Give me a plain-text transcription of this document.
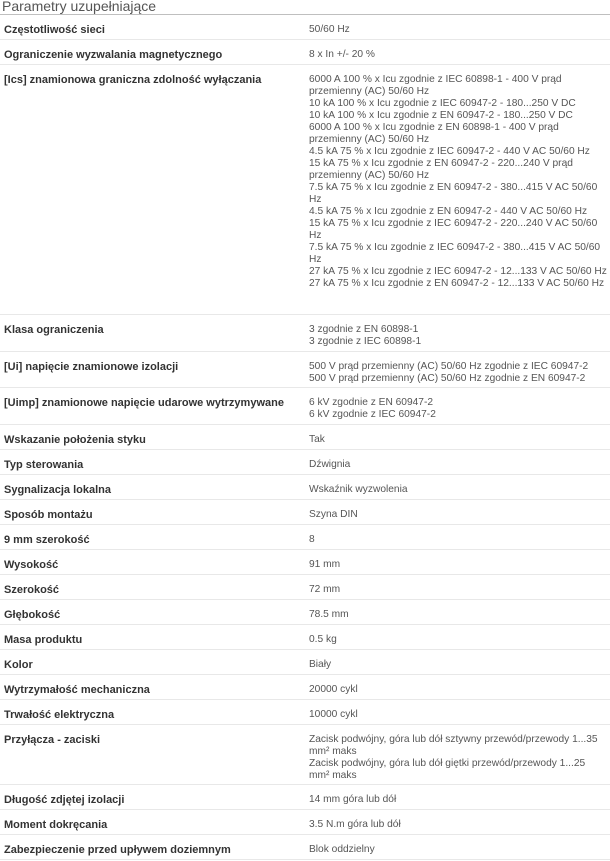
Parametry uzupełniające
Częstotliwość sieci	50/60 Hz
Ograniczenie wyzwalania magnetycznego	8 x In +/- 20 %
[Ics] znamionowa graniczna zdolność wyłączania	6000 A 100 % x Icu zgodnie z IEC 60898-1 - 400 V prąd przemienny (AC) 50/60 Hz
10 kA 100 % x Icu zgodnie z IEC 60947-2 - 180...250 V DC
10 kA 100 % x Icu zgodnie z EN 60947-2 - 180...250 V DC
6000 A 100 % x Icu zgodnie z EN 60898-1 - 400 V prąd przemienny (AC) 50/60 Hz
4.5 kA 75 % x Icu zgodnie z IEC 60947-2 - 440 V AC 50/60 Hz
15 kA 75 % x Icu zgodnie z EN 60947-2 - 220...240 V prąd przemienny (AC) 50/60 Hz
7.5 kA 75 % x Icu zgodnie z EN 60947-2 - 380...415 V AC 50/60 Hz
4.5 kA 75 % x Icu zgodnie z EN 60947-2 - 440 V AC 50/60 Hz
15 kA 75 % x Icu zgodnie z IEC 60947-2 - 220...240 V AC 50/60 Hz
7.5 kA 75 % x Icu zgodnie z IEC 60947-2 - 380...415 V AC 50/60 Hz
27 kA 75 % x Icu zgodnie z IEC 60947-2 - 12...133 V AC 50/60 Hz
27 kA 75 % x Icu zgodnie z EN 60947-2 - 12...133 V AC 50/60 Hz
Klasa ograniczenia	3 zgodnie z EN 60898-1
3 zgodnie z IEC 60898-1
[Ui] napięcie znamionowe izolacji	500 V prąd przemienny (AC) 50/60 Hz zgodnie z IEC 60947-2
500 V prąd przemienny (AC) 50/60 Hz zgodnie z EN 60947-2
[Uimp] znamionowe napięcie udarowe wytrzymywane	6 kV zgodnie z EN 60947-2
6 kV zgodnie z IEC 60947-2
Wskazanie położenia styku	Tak
Typ sterowania	Dźwignia
Sygnalizacja lokalna	Wskaźnik wyzwolenia
Sposób montażu	Szyna DIN
9 mm szerokość	8
Wysokość	91 mm
Szerokość	72 mm
Głębokość	78.5 mm
Masa produktu	0.5 kg
Kolor	Biały
Wytrzymałość mechaniczna	20000 cykl
Trwałość elektryczna	10000 cykl
Przyłącza - zaciski	Zacisk podwójny, góra lub dół sztywny przewód/przewody 1...35 mm² maks
Zacisk podwójny, góra lub dół giętki przewód/przewody 1...25 mm² maks
Długość zdjętej izolacji	14 mm góra lub dół
Moment dokręcania	3.5 N.m góra lub dół
Zabezpieczenie przed upływem doziemnym	Blok oddzielny
